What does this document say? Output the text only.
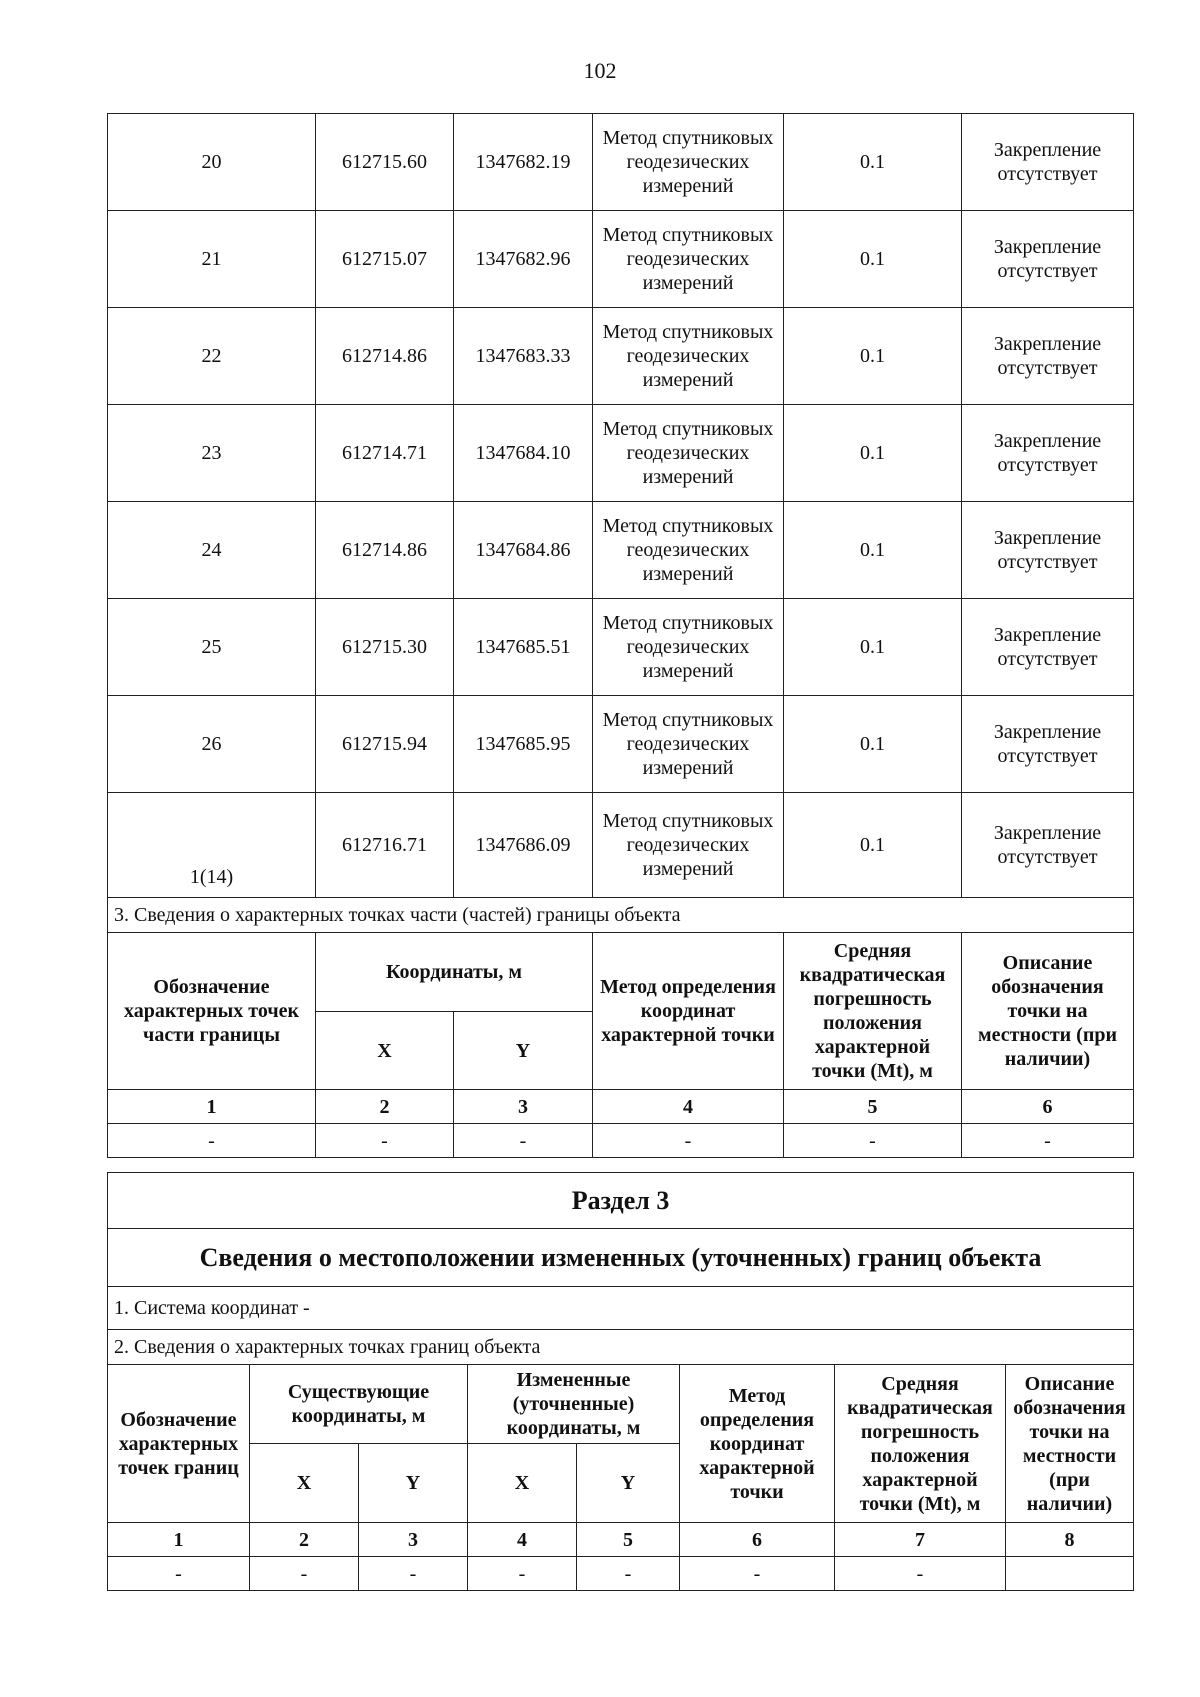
102
20	612715.60	1347682.19	Метод спутниковых геодезических измерений	0.1	Закрепление отсутствует
21	612715.07	1347682.96	Метод спутниковых геодезических измерений	0.1	Закрепление отсутствует
22	612714.86	1347683.33	Метод спутниковых геодезических измерений	0.1	Закрепление отсутствует
23	612714.71	1347684.10	Метод спутниковых геодезических измерений	0.1	Закрепление отсутствует
24	612714.86	1347684.86	Метод спутниковых геодезических измерений	0.1	Закрепление отсутствует
25	612715.30	1347685.51	Метод спутниковых геодезических измерений	0.1	Закрепление отсутствует
26	612715.94	1347685.95	Метод спутниковых геодезических измерений	0.1	Закрепление отсутствует
1(14)	612716.71	1347686.09	Метод спутниковых геодезических измерений	0.1	Закрепление отсутствует
3. Сведения о характерных точках части (частей) границы объекта					
Обозначение характерных точек части границы	Координаты, м		Метод определения координат характерной точки	Средняя квадратическая погрешность положения характерной точки (Mt), м	Описание обозначения точки на местности (при наличии)
	X	Y			
1	2	3	4	5	6
-	-	-	-	-	-
Раздел 3							
Сведения о местоположении измененных (уточненных) границ объекта							
1. Система координат -							
2. Сведения о характерных точках границ объекта							
Обозначение характерных точек границ	Существующие координаты, м		Измененные (уточненные) координаты, м		Метод определения координат характерной точки	Средняя квадратическая погрешность положения характерной точки (Mt), м	Описание обозначения точки на местности (при наличии)
	X	Y	X	Y			
1	2	3	4	5	6	7	8
-	-	-	-	-	-	-	
